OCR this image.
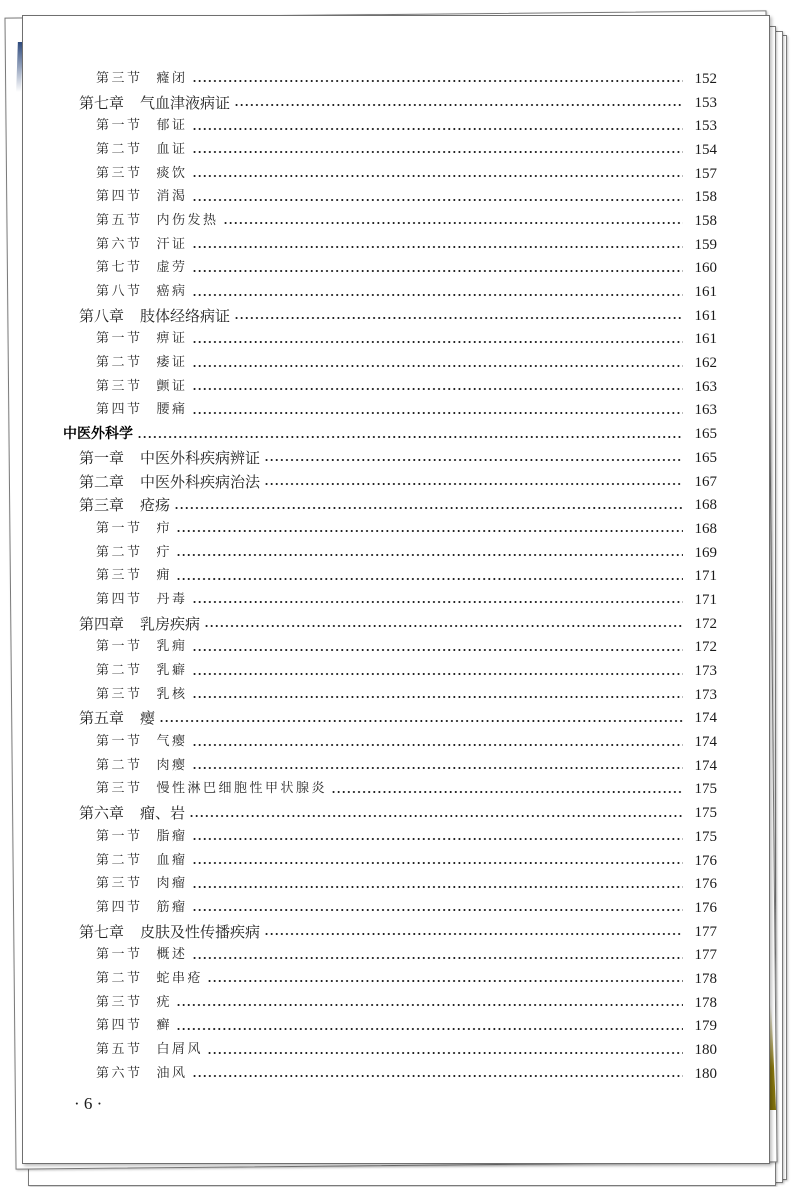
第三节 癃闭	152
第七章 气血津液病证	153
第一节 郁证	153
第二节 血证	154
第三节 痰饮	157
第四节 消渴	158
第五节 内伤发热	158
第六节 汗证	159
第七节 虚劳	160
第八节 癌病	161
第八章 肢体经络病证	161
第一节 痹证	161
第二节 痿证	162
第三节 颤证	163
第四节 腰痛	163
中医外科学	165
第一章 中医外科疾病辨证	165
第二章 中医外科疾病治法	167
第三章 疮疡	168
第一节 疖	168
第二节 疔	169
第三节 痈	171
第四节 丹毒	171
第四章 乳房疾病	172
第一节 乳痈	172
第二节 乳癖	173
第三节 乳核	173
第五章 瘿	174
第一节 气瘿	174
第二节 肉瘿	174
第三节 慢性淋巴细胞性甲状腺炎	175
第六章 瘤、岩	175
第一节 脂瘤	175
第二节 血瘤	176
第三节 肉瘤	176
第四节 筋瘤	176
第七章 皮肤及性传播疾病	177
第一节 概述	177
第二节 蛇串疮	178
第三节 疣	178
第四节 癣	179
第五节 白屑风	180
第六节 油风	180
· 6 ·
